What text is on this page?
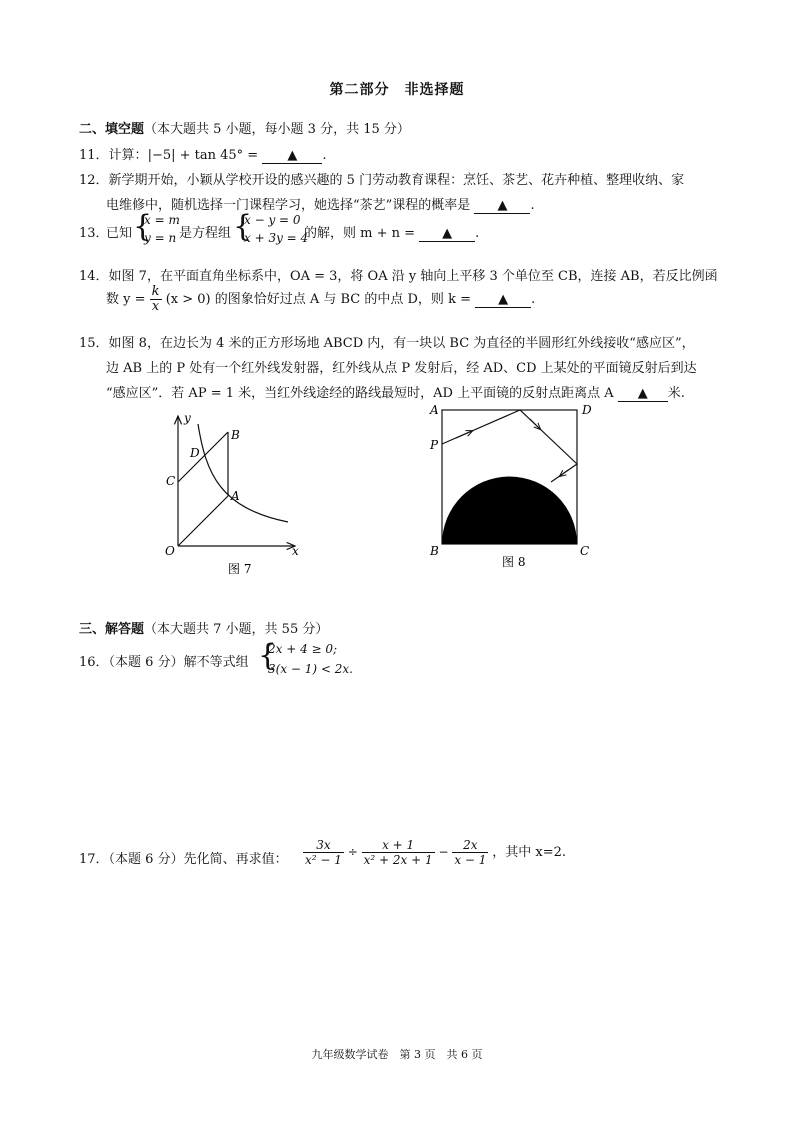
第二部分　非选择题
二、填空题（本大题共 5 小题，每小题 3 分，共 15 分）
11．计算：|−5| + tan 45° = ▲ .
12．新学期开始，小颖从学校开设的感兴趣的 5 门劳动教育课程：烹饪、茶艺、花卉种植、整理收纳、家
电维修中，随机选择一门课程学习，她选择“茶艺”课程的概率是 ▲ .
13．
已知 {
x = m
y = n 是方程组 {
x − y = 0
x + 3y = 4
的解，则 m + n = ▲ .
14．如图 7，在平面直角坐标系中，OA = 3，将 OA 沿 y 轴向上平移 3 个单位至 CB，连接 AB，若反比例函
数 $y = \frac{k}{x} (x > 0)$ 的图象恰好过点 A 与 BC 的中点 D，则 k = ▲ .
15．如图 8，在边长为 4 米的正方形场地 ABCD 内，有一块以 BC 为直径的半圆形红外线接收“感应区”，
边 AB 上的 P 处有一个红外线发射器，红外线从点 P 发射后，经 AD、CD 上某处的平面镜反射后到达
“感应区”．若 AP = 1 米，当红外线途经的路线最短时，AD 上平面镜的反射点距离点 A ▲ 米.
y
B
D
C
A
O	x
图 7
A	D
P
B	C
图 8
三、解答题（本大题共 7 小题，共 55 分）
16．（本题 6 分）解不等式组 {
2x + 4 ≥ 0;
3(x − 1) < 2x.
17．（本题 6 分）先化简、再求值： $\frac{3x}{\text{x² − 1}} \div \frac{x + 1}{\text{x² + 2x + 1}} - \frac{2x}{x - 1}$ ，其中 x=2.
九年级数学试卷　第 3 页　共 6 页
